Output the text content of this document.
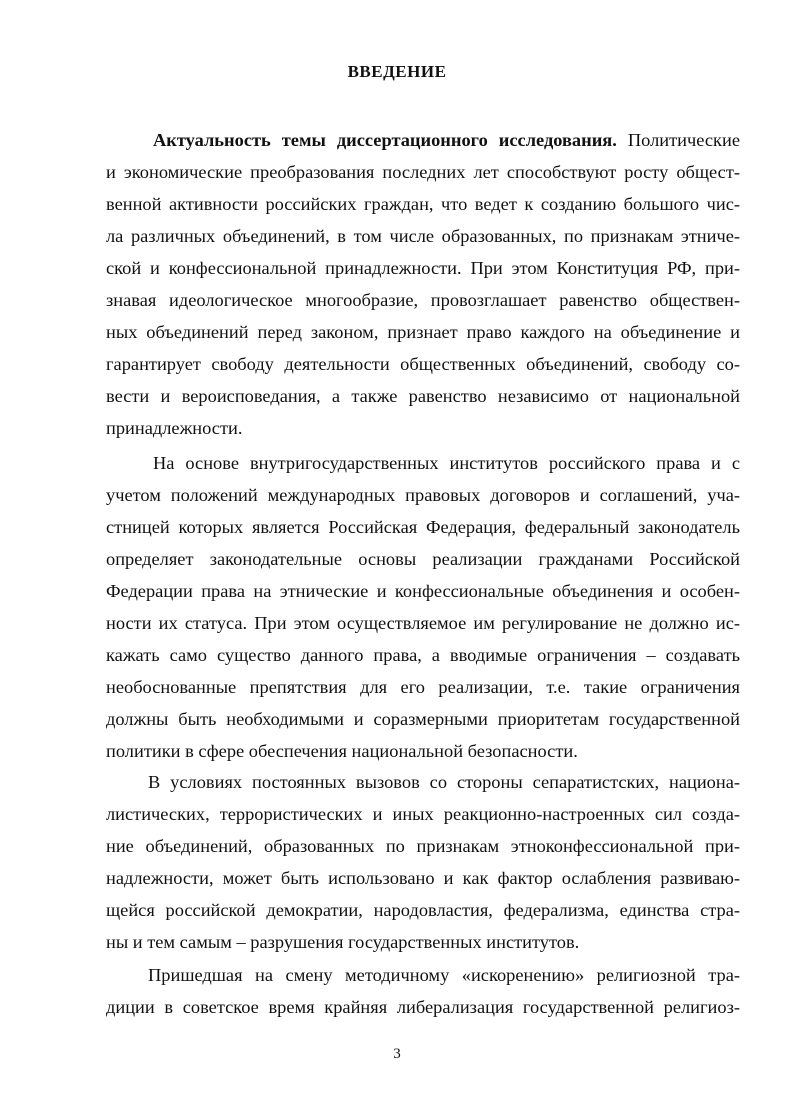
ВВЕДЕНИЕ
Актуальность темы диссертационного исследования. Политические
и экономические преобразования последних лет способствуют росту общест-
венной активности российских граждан, что ведет к созданию большого чис-
ла различных объединений, в том числе образованных, по признакам этниче-
ской и конфессиональной принадлежности. При этом Конституция РФ, при-
знавая идеологическое многообразие, провозглашает равенство обществен-
ных объединений перед законом, признает право каждого на объединение и
гарантирует свободу деятельности общественных объединений, свободу со-
вести и вероисповедания, а также равенство независимо от национальной
принадлежности.
На основе внутригосударственных институтов российского права и с
учетом положений международных правовых договоров и соглашений, уча-
стницей которых является Российская Федерация, федеральный законодатель
определяет законодательные основы реализации гражданами Российской
Федерации права на этнические и конфессиональные объединения и особен-
ности их статуса. При этом осуществляемое им регулирование не должно ис-
кажать само существо данного права, а вводимые ограничения – создавать
необоснованные препятствия для его реализации, т.е. такие ограничения
должны быть необходимыми и соразмерными приоритетам государственной
политики в сфере обеспечения национальной безопасности.
В условиях постоянных вызовов со стороны сепаратистских, национа-
листических, террористических и иных реакционно-настроенных сил созда-
ние объединений, образованных по признакам этноконфессиональной при-
надлежности, может быть использовано и как фактор ослабления развиваю-
щейся российской демократии, народовластия, федерализма, единства стра-
ны и тем самым – разрушения государственных институтов.
Пришедшая на смену методичному «искоренению» религиозной тра-
диции в советское время крайняя либерализация государственной религиоз-
3
